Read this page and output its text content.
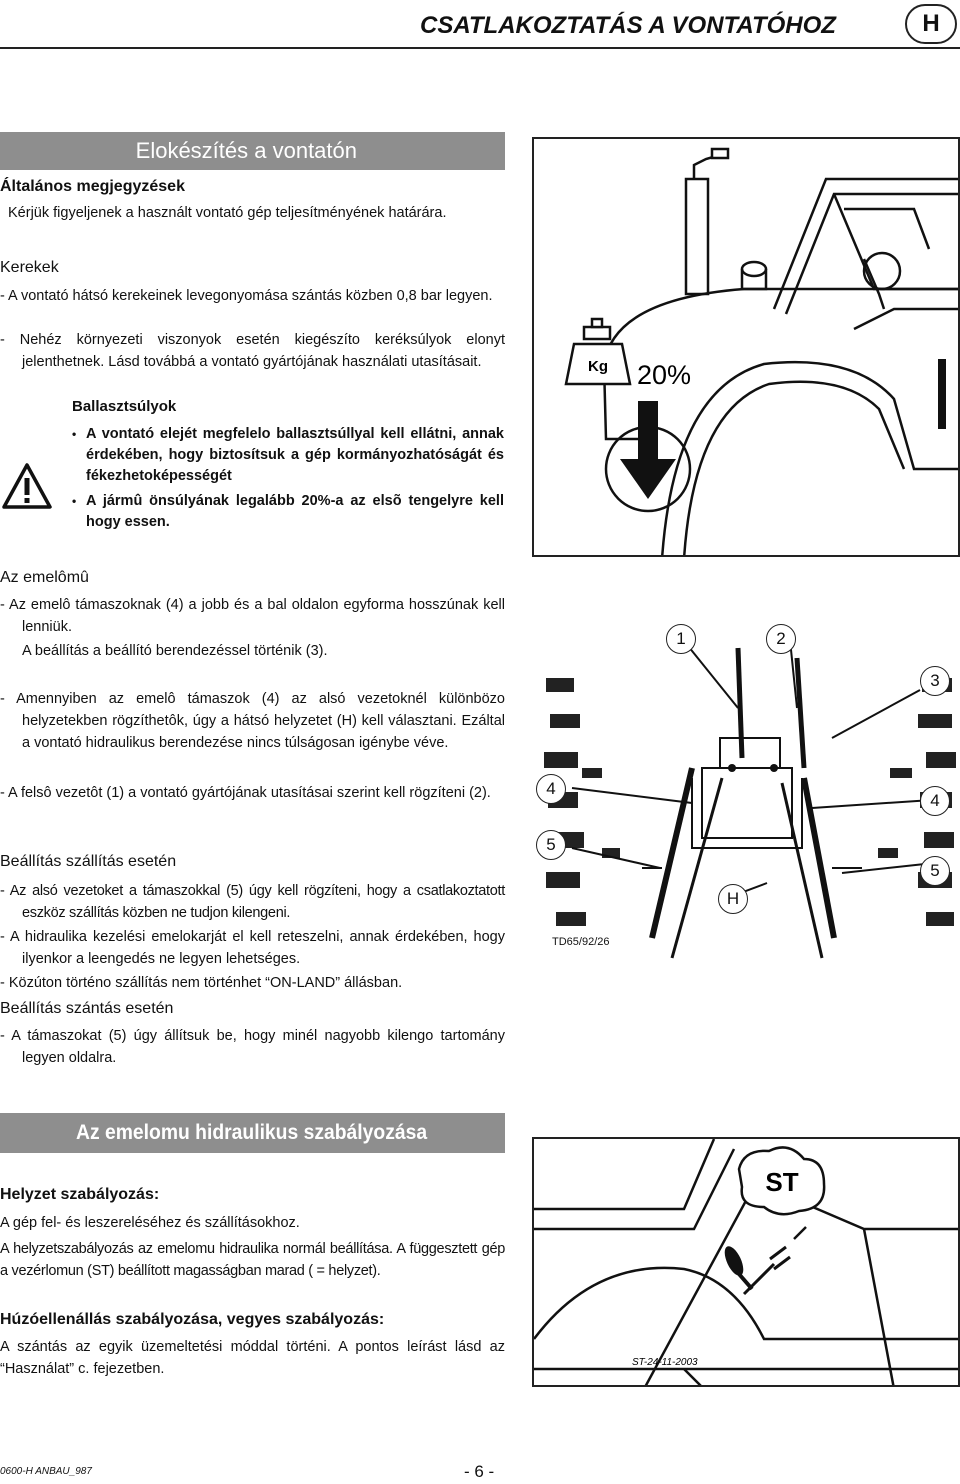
CSATLAKOZTATÁS A VONTATÓHOZ	H
Elokészítés a vontatón
Általános megjegyzések
Kérjük figyeljenek a használt vontató gép teljesítményének határára.
Kerekek
- A vontató hátsó kerekeinek levegonyomása szántás közben 0,8 bar legyen.
- Nehéz környezeti viszonyok esetén kiegészíto keréksúlyok elonyt jelenthetnek. Lásd továbbá a vontató gyártójának használati utasításait.
Ballasztsúlyok
• A vontató elejét megfelelo ballasztsúllyal kell ellátni, annak érdekében, hogy biztosítsuk a gép kormányozhatóságát és fékezhetoképességét
• A jármû önsúlyának legalább 20%-a az elsõ tengelyre kell hogy essen.
Az emelômû
- Az emelô támaszoknak (4) a jobb és a bal oldalon egyforma hosszúnak kell lenniük.
A beállítás a beállító berendezéssel történik (3).
- Amennyiben az emelô támaszok (4) az alsó vezetoknél különbözo helyzetekben rögzíthetôk, úgy a hátsó helyzetet (H) kell választani. Ezáltal a vontató hidraulikus berendezése nincs túlságosan igénybe véve.
- A felsô vezetôt (1) a vontató gyártójának utasításai szerint kell rögzíteni (2).
Beállítás szállítás esetén
- Az alsó vezetoket a támaszokkal (5) úgy kell rögzíteni, hogy a csatlakoztatott eszköz szállítás közben ne tudjon kilengeni.
- A hidraulika kezelési emelokarját el kell reteszelni, annak érdekében, hogy ilyenkor a leengedés ne legyen lehetséges.
- Közúton történo szállítás nem történhet “ON-LAND” állásban.
Beállítás szántás esetén
- A támaszokat (5) úgy állítsuk be, hogy minél nagyobb kilengo tartomány legyen oldalra.
Kg 20%
1	2
3
4
4
5
5
H
TD65/92/26
Az emelomu hidraulikus szabályozása
Helyzet szabályozás:
A gép fel- és leszereléséhez és szállításokhoz.
A helyzetszabályozás az emelomu hidraulika normál beállítása. A függesztett gép a vezérlomun (ST) beállított magasságban marad ( = helyzet).
Húzóellenállás szabályozása, vegyes szabályozás:
A szántás az egyik üzemeltetési móddal történi. A pontos leírást lásd az “Használat” c. fejezetben.
ST
ST-24-11-2003
0600-H ANBAU_987	- 6 -
